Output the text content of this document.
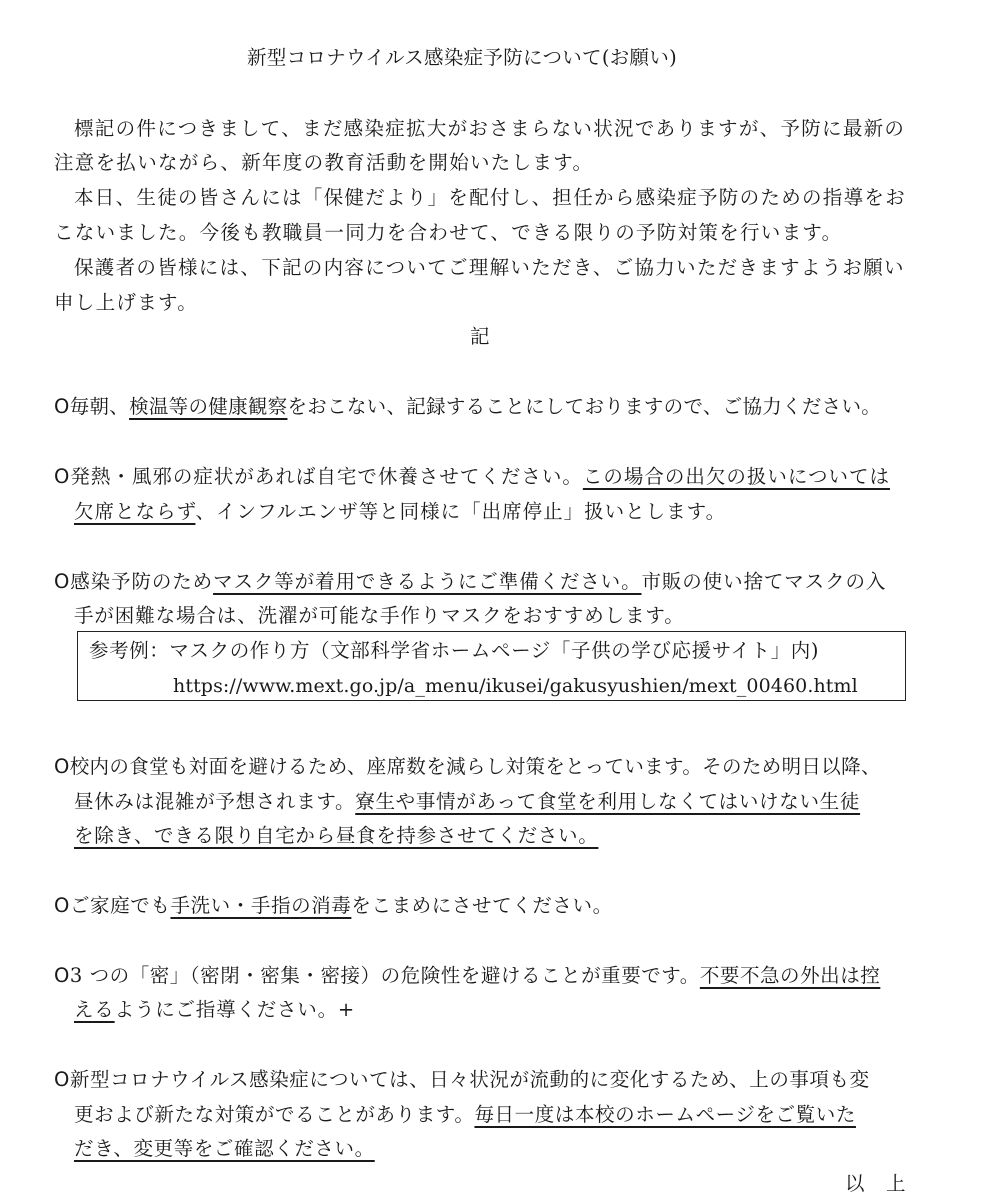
新型コロナウイルス感染症予防について(お願い)
標記の件につきまして、まだ感染症拡大がおさまらない状況でありますが、予防に最新の
注意を払いながら、新年度の教育活動を開始いたします。
本日、生徒の皆さんには「保健だより」を配付し、担任から感染症予防のための指導をお
こないました。今後も教職員一同力を合わせて、できる限りの予防対策を行います。
保護者の皆様には、下記の内容についてご理解いただき、ご協力いただきますようお願い
申し上げます。
記
O毎朝、検温等の健康観察をおこない、記録することにしておりますので、ご協力ください。
O発熱・風邪の症状があれば自宅で休養させてください。この場合の出欠の扱いについては
欠席とならず、インフルエンザ等と同様に「出席停止」扱いとします。
O感染予防のためマスク等が着用できるようにご準備ください。市販の使い捨てマスクの入
手が困難な場合は、洗濯が可能な手作りマスクをおすすめします。
参考例：マスクの作り方（文部科学省ホームページ「子供の学び応援サイト」内)
https://www.mext.go.jp/a_menu/ikusei/gakusyushien/mext_00460.html
O校内の食堂も対面を避けるため、座席数を減らし対策をとっています。そのため明日以降、
昼休みは混雑が予想されます。寮生や事情があって食堂を利用しなくてはいけない生徒
を除き、できる限り自宅から昼食を持参させてください。
Oご家庭でも手洗い・手指の消毒をこまめにさせてください。
O3 つの「密」（密閉・密集・密接）の危険性を避けることが重要です。不要不急の外出は控
えるようにご指導ください。+
O新型コロナウイルス感染症については、日々状況が流動的に変化するため、上の事項も変
更および新たな対策がでることがあります。毎日一度は本校のホームページをご覧いた
だき、変更等をご確認ください。
以　上
